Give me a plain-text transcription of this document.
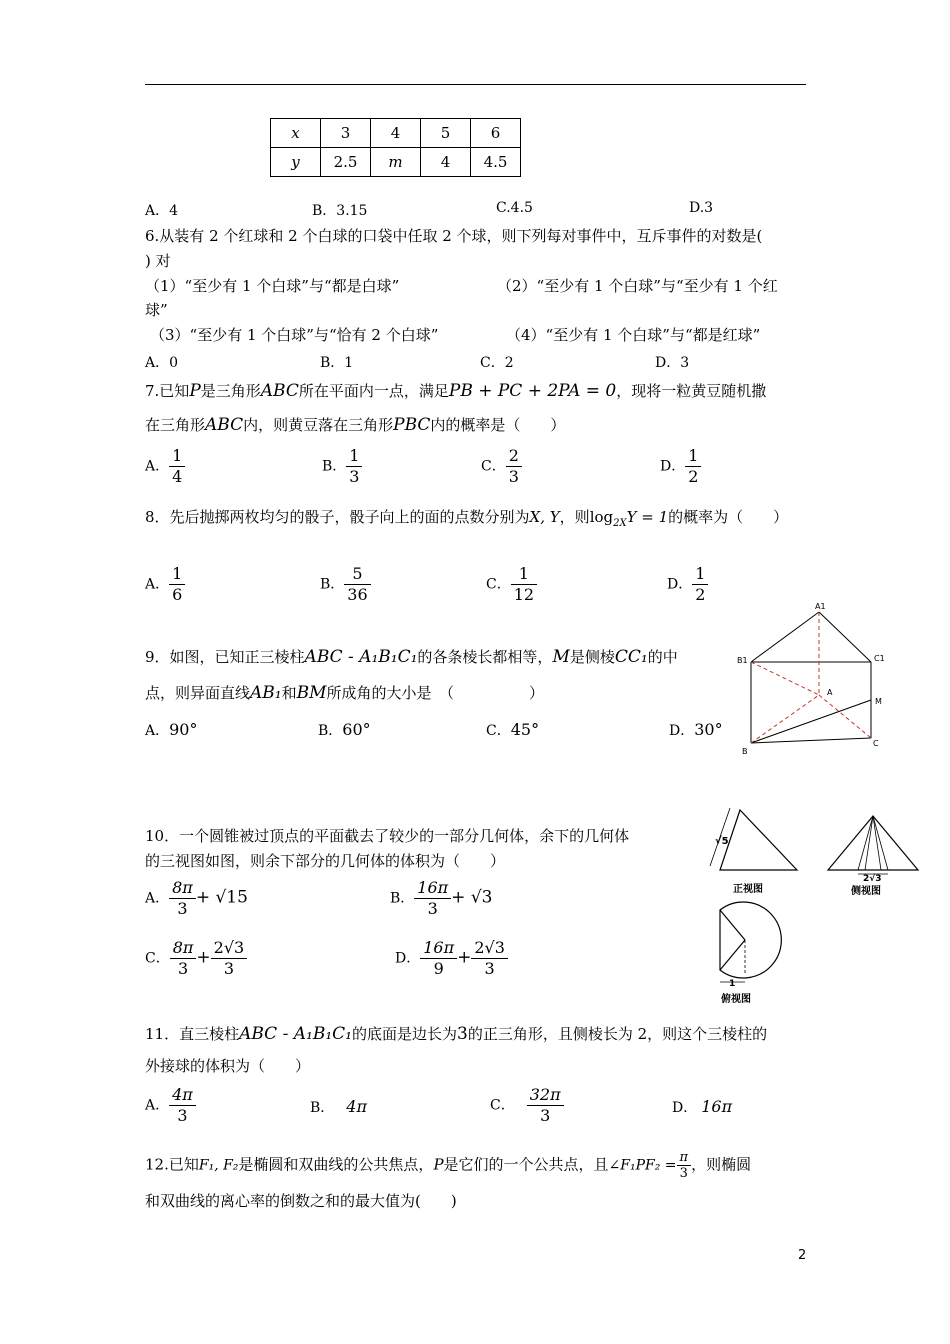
x	3	4	5	6
y	2.5	m	4	4.5
A．4	B．3.15	C.4.5	D.3
6.从装有 2 个红球和 2 个白球的口袋中任取 2 个球，则下列每对事件中，互斥事件的对数是(
) 对
（1）“至少有 1 个白球”与“都是白球”	（2）“至少有 1 个白球”与“至少有 1 个红
球”
（3）“至少有 1 个白球”与“恰有 2 个白球”	（4）“至少有 1 个白球”与“都是红球”
A．0	B．1	C．2	D．3
7.已知P是三角形ABC所在平面内一点，满足PB + PC + 2PA = 0，现将一粒黄豆随机撒
在三角形ABC内，则黄豆落在三角形PBC内的概率是（　　）
A． $\frac{1}{4}$	B． $\frac{1}{3}$	C． $\frac{2}{3}$	D． $\frac{1}{2}$
8．先后抛掷两枚均匀的骰子，骰子向上的面的点数分别为X, Y，则$\log_{2X}Y = 1$的概率为（　　）
A． $\frac{1}{6}$	B． $\frac{5}{36}$	C． $\frac{1}{12}$	D． $\frac{1}{2}$
9．如图，已知正三棱柱ABC - A₁B₁C₁的各条棱长都相等，M是侧棱CC₁的中
点，则异面直线AB₁和BM所成角的大小是　（　　　　　）
A．90°	B．60°	C．45°	D．30°
A1
B1	C1
A
B
C
M
10．一个圆锥被过顶点的平面截去了较少的一部分几何体，余下的几何体
的三视图如图，则余下部分的几何体的体积为（　　）
A． $\frac{8\pi}{3} + √15$	B． $\frac{16\pi}{3} + √3$
C． $\frac{8\pi}{3} + \frac{2√3}{3}$	D． $\frac{16\pi}{9} + \frac{2√3}{3}$
√5
正视图
2√3
侧视图
1
俯视图
11．直三棱柱ABC - A₁B₁C₁的底面是边长为3的正三角形，且侧棱长为 2，则这个三棱柱的
外接球的体积为（　　）
A． $\frac{4\pi}{3}$	B． 4π	C． $\frac{32\pi}{3}$	D． 16π
12.已知F₁, F₂是椭圆和双曲线的公共焦点，P是它们的一个公共点，且∠F₁PF₂ = $\frac{\pi}{3}$ ，则椭圆
和双曲线的离心率的倒数之和的最大值为(　　)
2
